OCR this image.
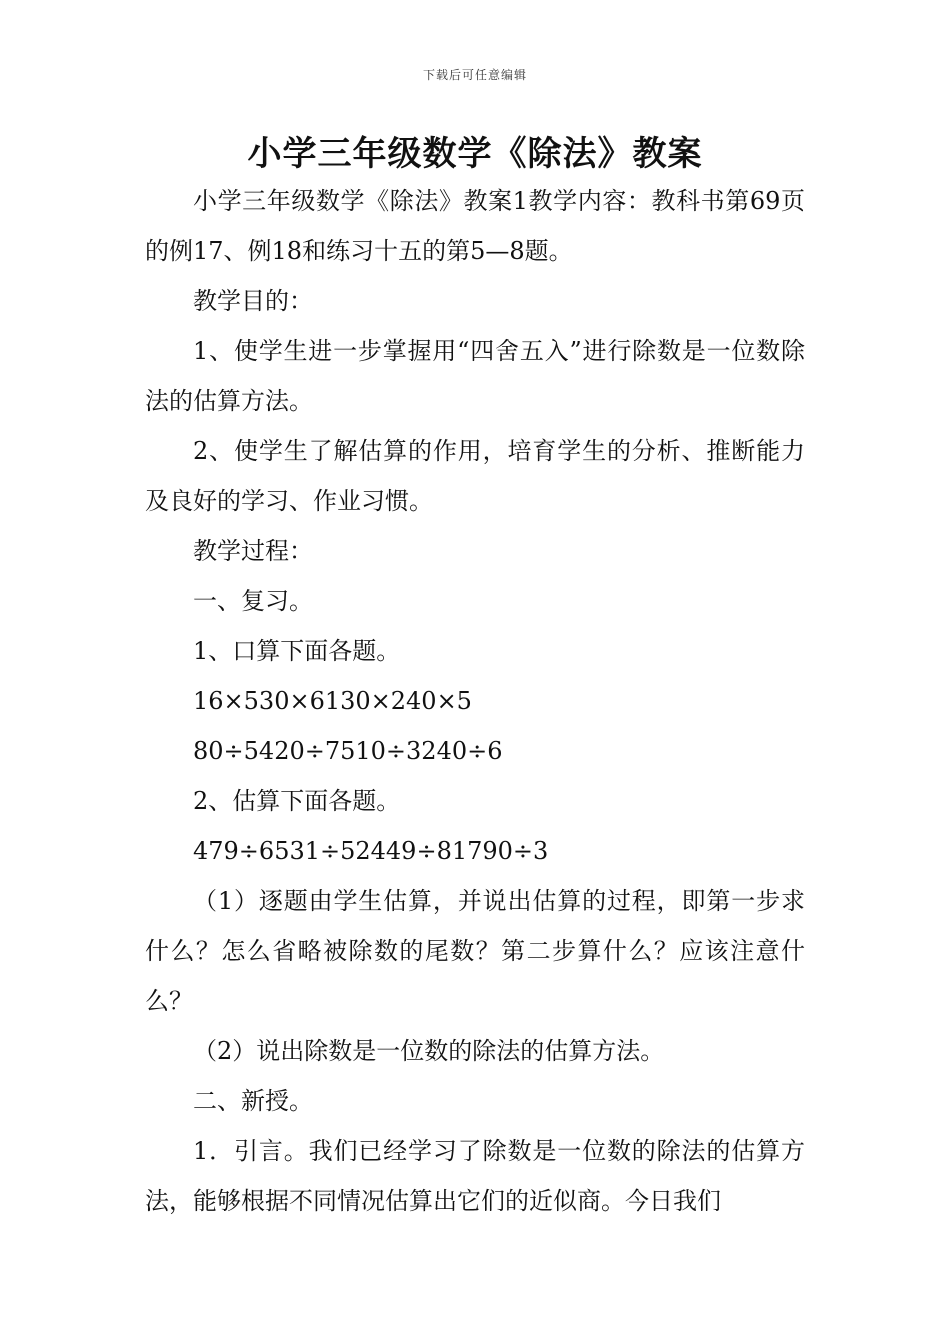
下载后可任意编辑
小学三年级数学《除法》教案

小学三年级数学《除法》教案1教学内容：教科书第69页的例17、例18和练习十五的第5—8题。

教学目的：

1、使学生进一步掌握用“四舍五入”进行除数是一位数除法的估算方法。

2、使学生了解估算的作用，培育学生的分析、推断能力及良好的学习、作业习惯。

教学过程：

一、复习。

1、口算下面各题。

16×530×6130×240×5

80÷5420÷7510÷3240÷6

2、估算下面各题。

479÷6531÷52449÷81790÷3

（1）逐题由学生估算，并说出估算的过程，即第一步求什么？怎么省略被除数的尾数？第二步算什么？应该注意什么？

（2）说出除数是一位数的除法的估算方法。

二、新授。

1．引言。我们已经学习了除数是一位数的除法的估算方法，能够根据不同情况估算出它们的近似商。今日我们
